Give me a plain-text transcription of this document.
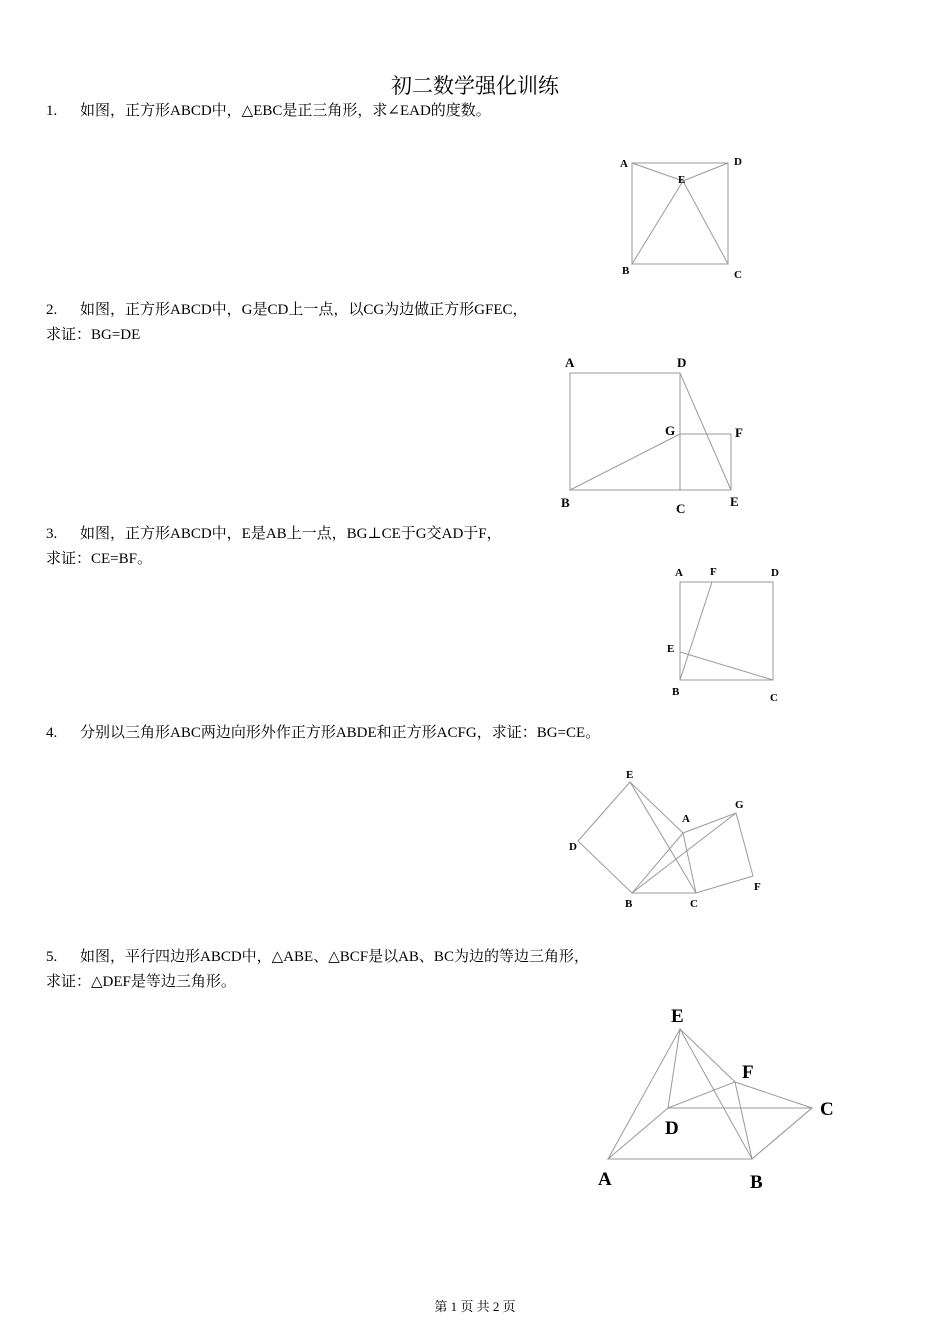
初二数学强化训练
1. 如图，正方形ABCD中，△EBC是正三角形，求∠EAD的度数。
A	D
E
B	C
2. 如图，正方形ABCD中，G是CD上一点，以CG为边做正方形GFEC，
求证：BG=DE
A	D
G	F
B	C	E
3. 如图，正方形ABCD中，E是AB上一点，BG⊥CE于G交AD于F，
求证：CE=BF。
A F	D
E
B	C
4. 分别以三角形ABC两边向形外作正方形ABDE和正方形ACFG，求证：BG=CE。
E
A
G
D
F
B	C
5. 如图，平行四边形ABCD中，△ABE、△BCF是以AB、BC为边的等边三角形，
求证：△DEF是等边三角形。
E
F
C
D
A	B
第 1 页 共 2 页
